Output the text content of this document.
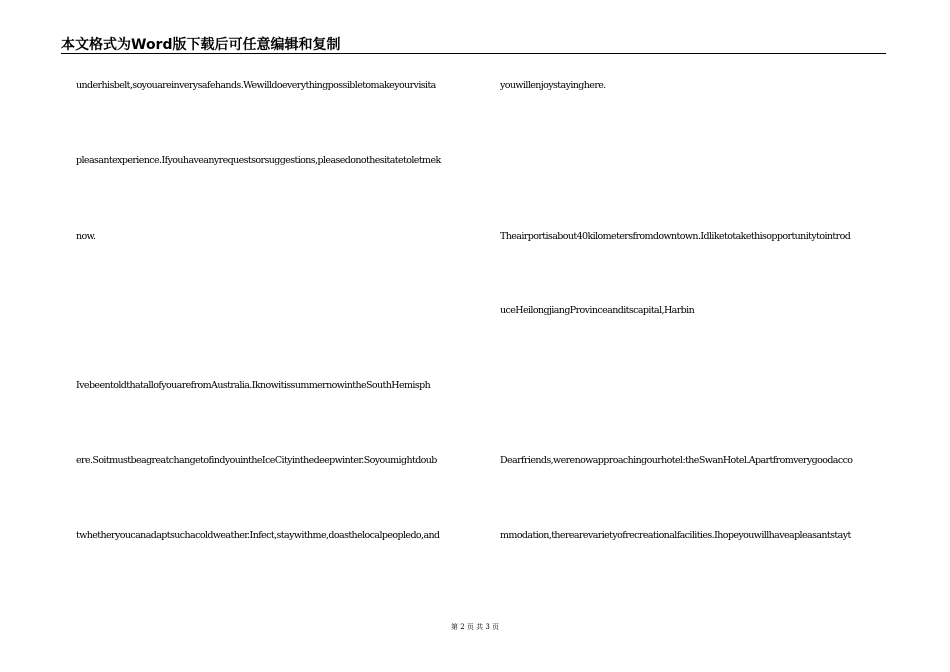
本文格式为Word版下载后可任意编辑和复制
underhisbelt,soyouareinverysafehands.Wewilldoeverythingpossibletomakeyourvisita
pleasantexperience.Ifyouhaveanyrequestsorsuggestions,pleasedonothesitatetoletmek
now.
IvebeentoldthatallofyouarefromAustralia.IknowitissummernowintheSouthHemisph
ere.SoitmustbeagreatchangetofindyouintheIceCityinthedeepwinter.Soyoumightdoub
twhetheryoucanadaptsuchacoldweather.Infect,staywithme,doasthelocalpeopledo,and
youwillenjoystayinghere.
Theairportisabout40kilometersfromdowntown.Idliketotakethisopportunitytointrod
uceHeilongjiangProvinceanditscapital,Harbin
Dearfriends,werenowapproachingourhotel:theSwanHotel.Apartfromverygoodacco
mmodation,therearevarietyofrecreationalfacilities.Ihopeyouwillhaveapleasantstayt
第 2 页 共 3 页
